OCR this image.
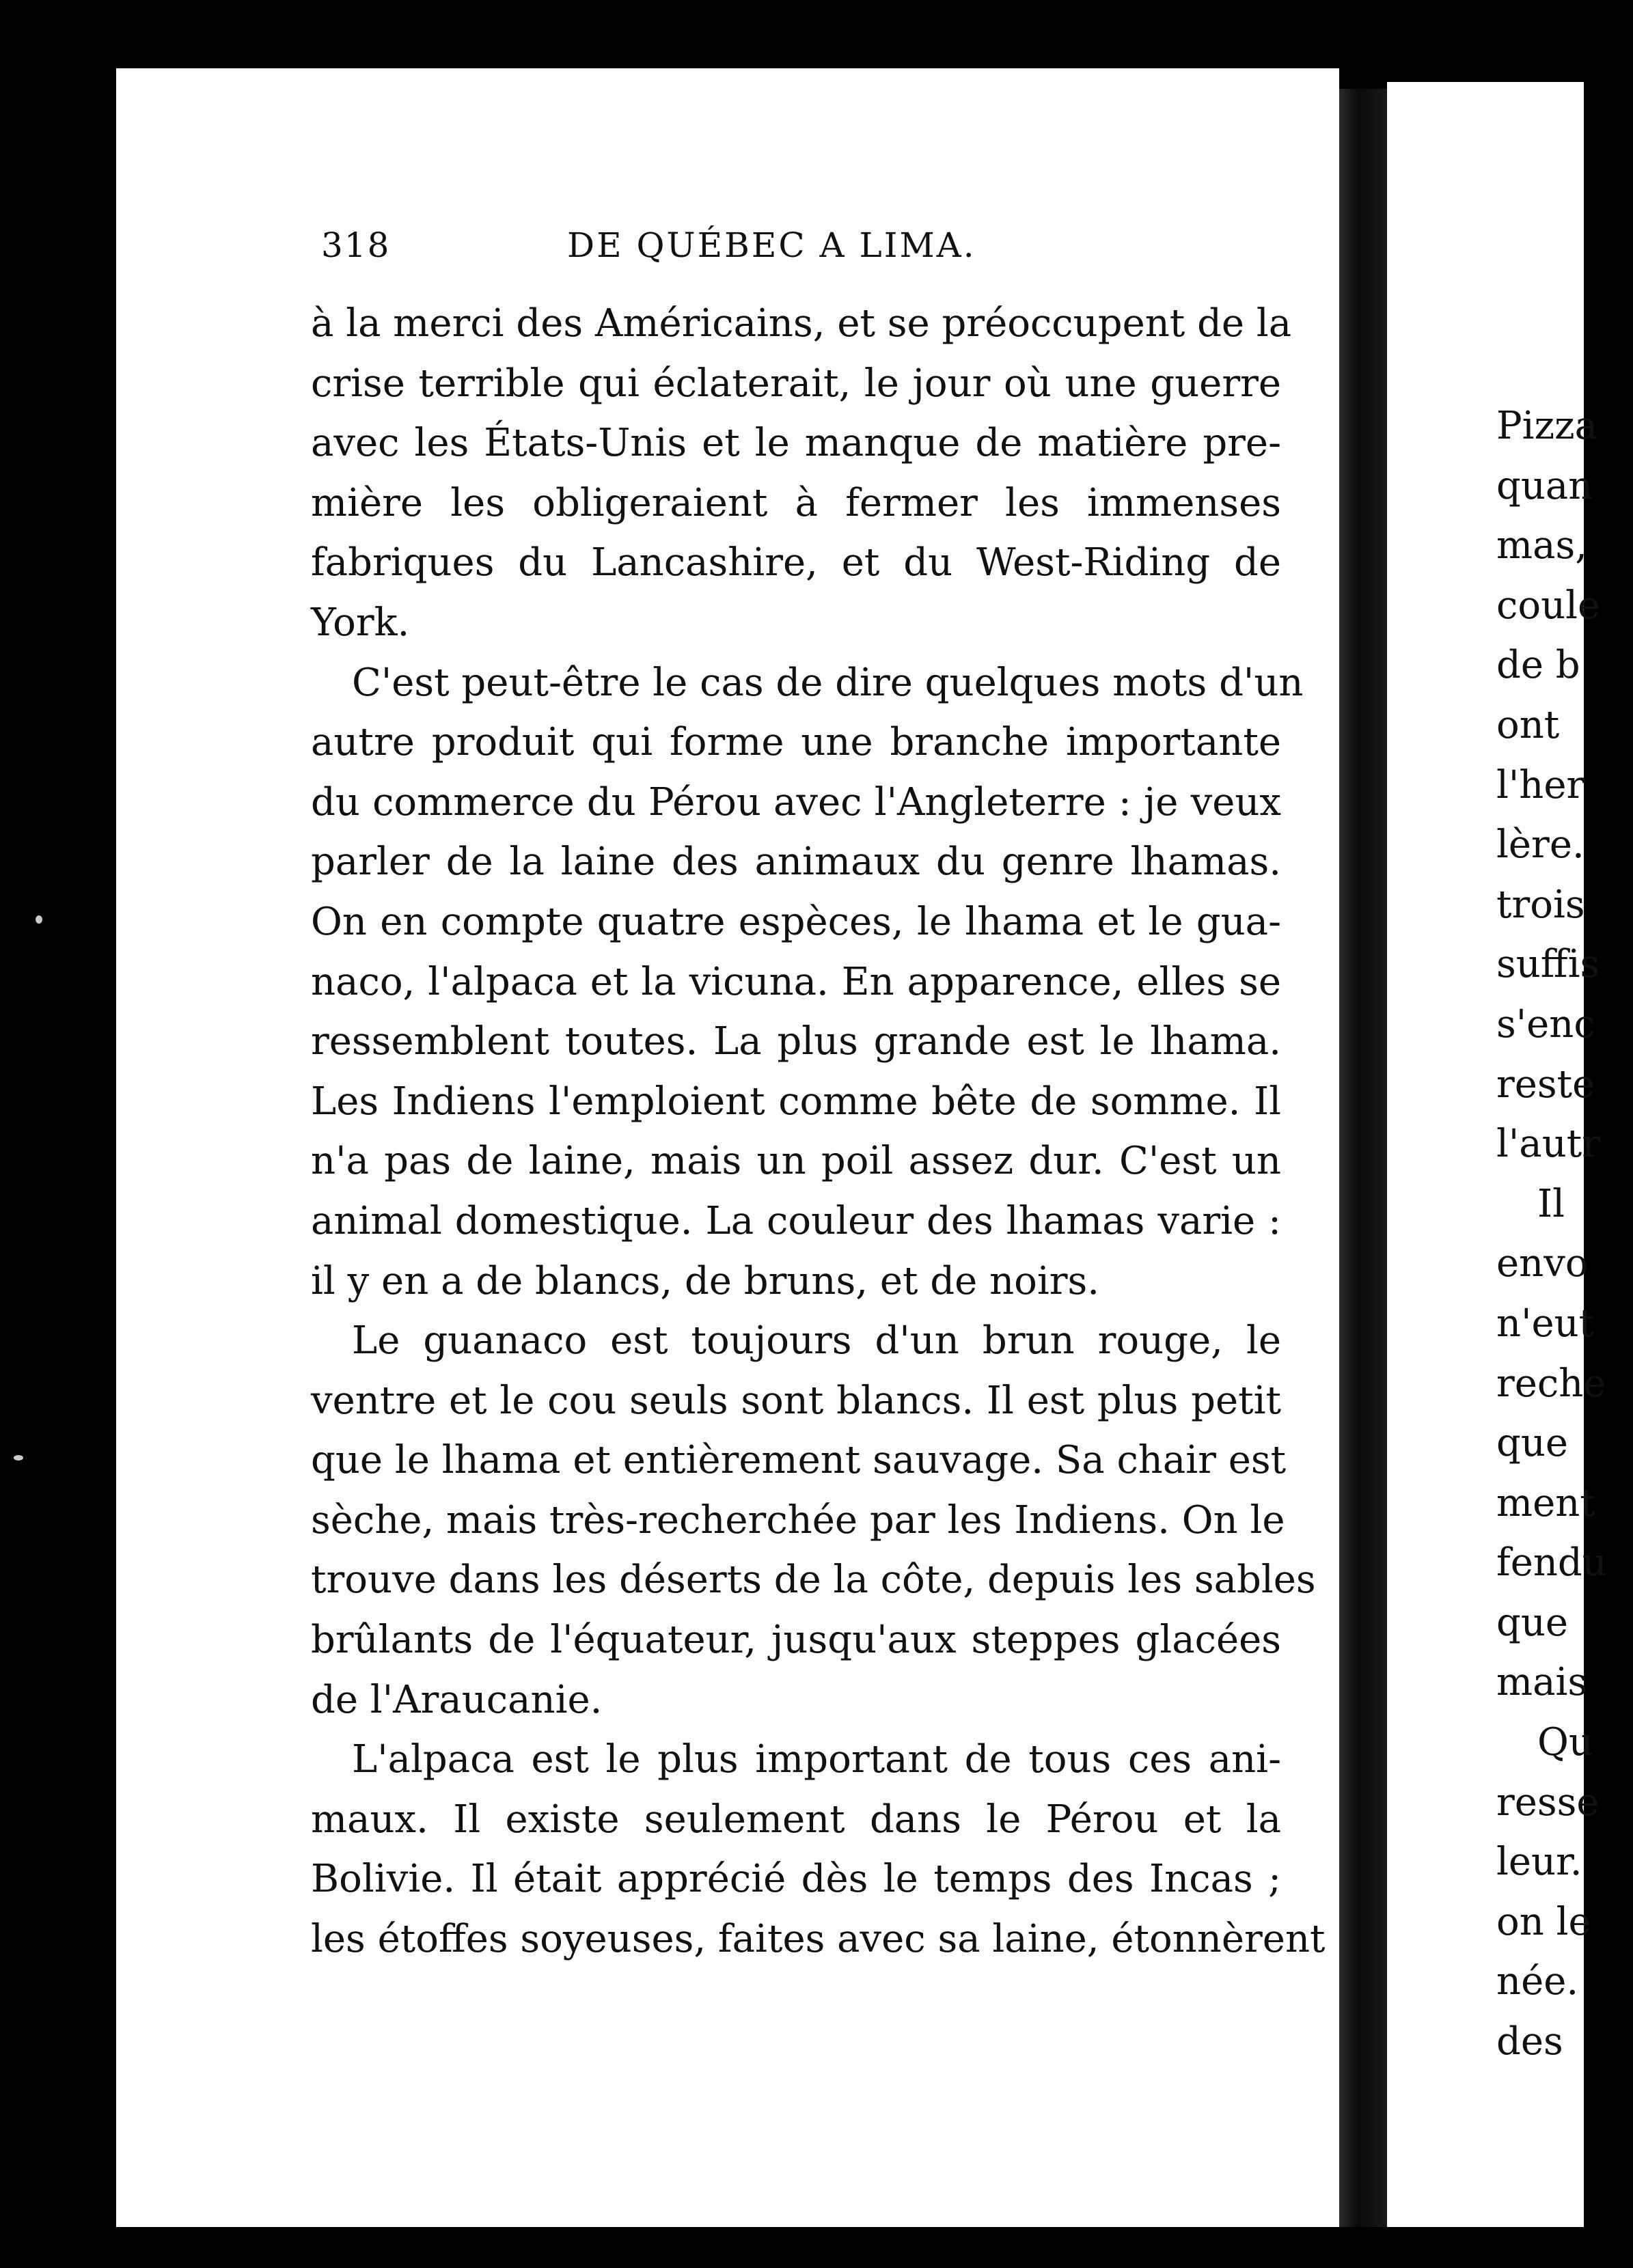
Pizza
quan
mas,
coule
de b
ont
l'her
lère.
trois
suffis
s'enc
reste
l'autr
Il
envo
n'eut
reche
que
ment
fendu
que
mais
Qu
resse
leur.
on le
née.
des
318	DE QUÉBEC A LIMA.
à la merci des Américains, et se préoccupent de la
crise terrible qui éclaterait, le jour où une guerre
avec les États-Unis et le manque de matière pre-
mière les obligeraient à fermer les immenses
fabriques du Lancashire, et du West-Riding de
York.
C'est peut-être le cas de dire quelques mots d'un
autre produit qui forme une branche importante
du commerce du Pérou avec l'Angleterre : je veux
parler de la laine des animaux du genre lhamas.
On en compte quatre espèces, le lhama et le gua-
naco, l'alpaca et la vicuna. En apparence, elles se
ressemblent toutes. La plus grande est le lhama.
Les Indiens l'emploient comme bête de somme. Il
n'a pas de laine, mais un poil assez dur. C'est un
animal domestique. La couleur des lhamas varie :
il y en a de blancs, de bruns, et de noirs.
Le guanaco est toujours d'un brun rouge, le
ventre et le cou seuls sont blancs. Il est plus petit
que le lhama et entièrement sauvage. Sa chair est
sèche, mais très-recherchée par les Indiens. On le
trouve dans les déserts de la côte, depuis les sables
brûlants de l'équateur, jusqu'aux steppes glacées
de l'Araucanie.
L'alpaca est le plus important de tous ces ani-
maux. Il existe seulement dans le Pérou et la
Bolivie. Il était apprécié dès le temps des Incas ;
les étoffes soyeuses, faites avec sa laine, étonnèrent
